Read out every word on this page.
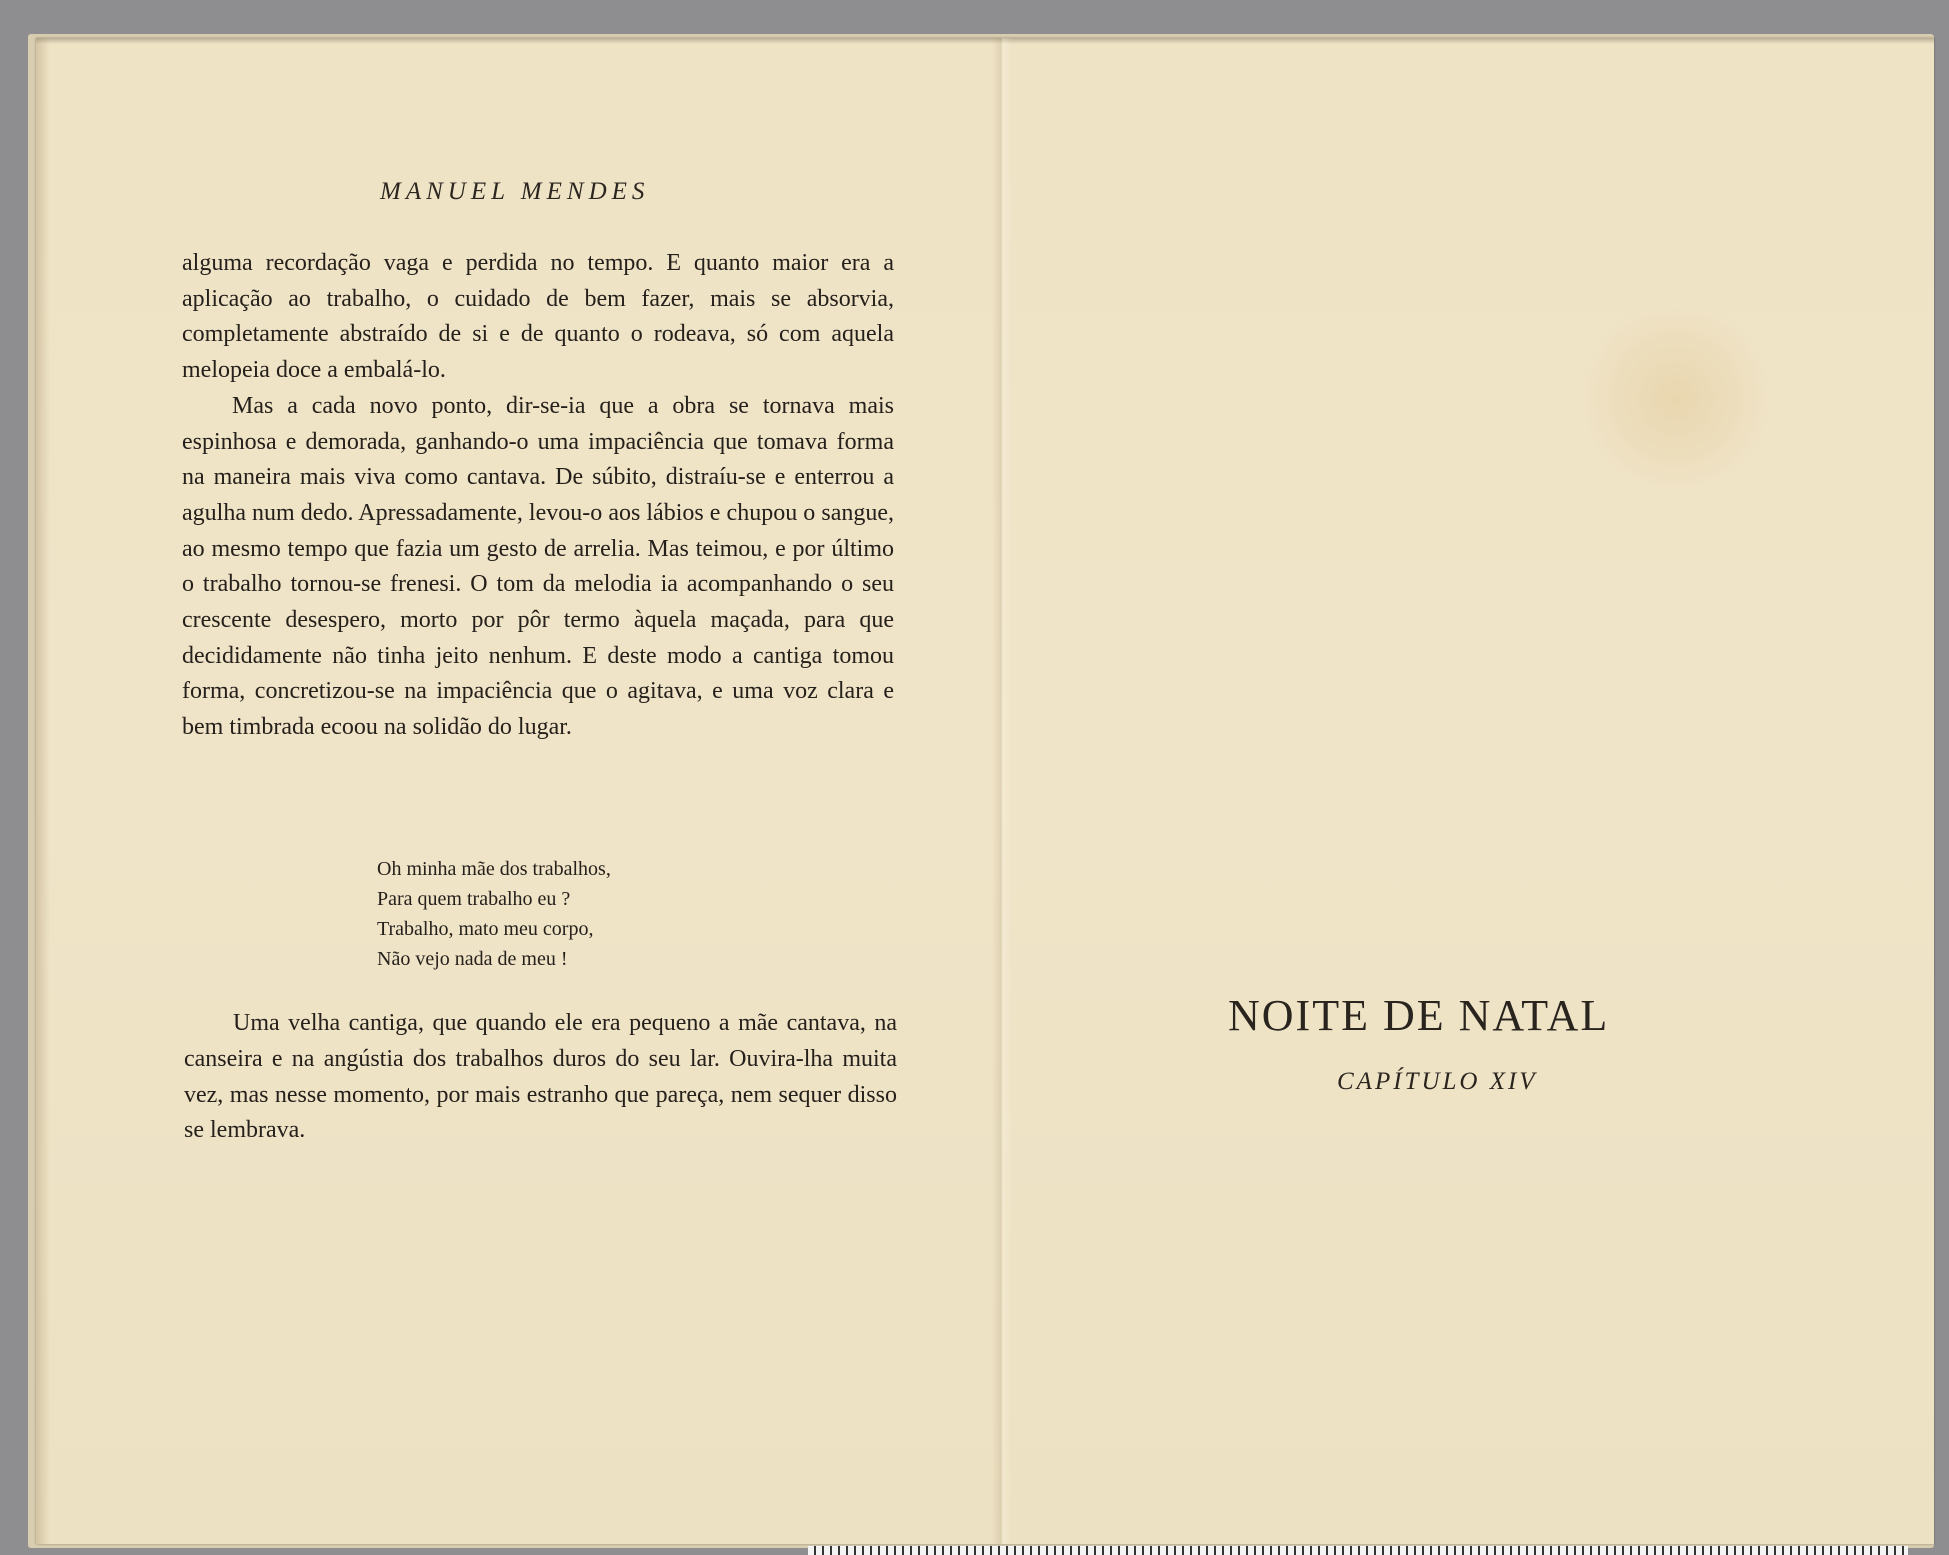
MANUEL MENDES

alguma recordação vaga e perdida no tempo. E quanto maior era a aplicação ao trabalho, o cuidado de bem fazer, mais se absorvia, completamente abstraído de si e de quanto o rodeava, só com aquela melopeia doce a embalá-lo.

Mas a cada novo ponto, dir-se-ia que a obra se tornava mais espinhosa e demorada, ganhando-o uma impaciência que tomava forma na maneira mais viva como cantava. De súbito, distraíu-se e enterrou a agulha num dedo. Apressadamente, levou-o aos lábios e chupou o sangue, ao mesmo tempo que fazia um gesto de arrelia. Mas teimou, e por último o trabalho tornou-se frenesi. O tom da melodia ia acompanhando o seu crescente desespero, morto por pôr termo àquela maçada, para que decididamente não tinha jeito nenhum. E deste modo a cantiga tomou forma, concretizou-se na impaciência que o agitava, e uma voz clara e bem timbrada ecoou na solidão do lugar.

Oh minha mãe dos trabalhos,
Para quem trabalho eu ?
Trabalho, mato meu corpo,
Não vejo nada de meu !

Uma velha cantiga, que quando ele era pequeno a mãe cantava, na canseira e na angústia dos trabalhos duros do seu lar. Ouvira-lha muita vez, mas nesse momento, por mais estranho que pareça, nem sequer disso se lembrava.

NOITE DE NATAL
CAPÍTULO XIV
